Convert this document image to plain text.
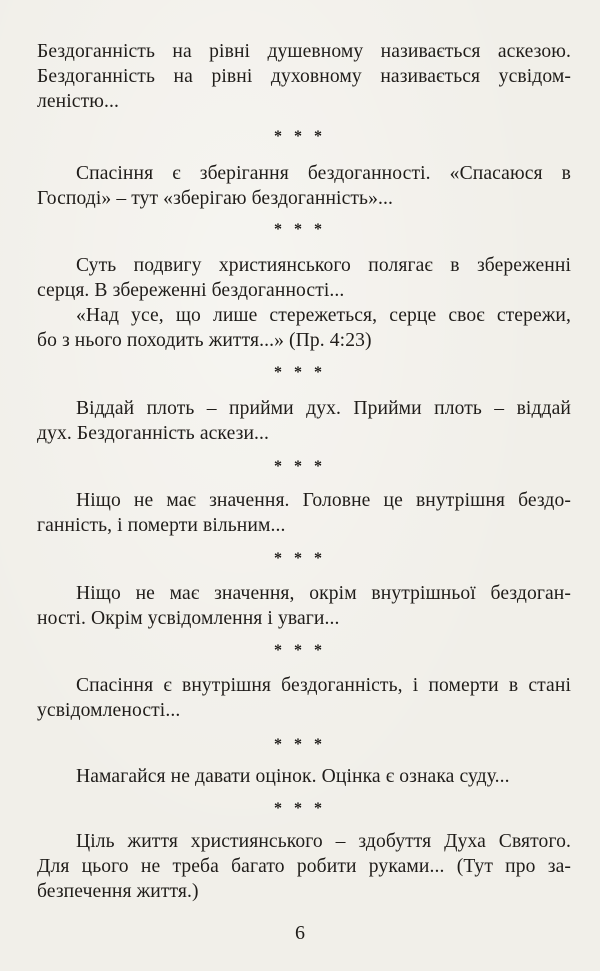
Бездоганність на рівні душевному називається аскезою.
Бездоганність на рівні духовному називається усвідом-
леністю...
* * *
Спасіння є зберігання бездоганності. «Спасаюся в
Господі» – тут «зберігаю бездоганність»...
* * *
Суть подвигу християнського полягає в збереженні
серця. В збереженні бездоганності...
«Над усе, що лише стережеться, серце своє стережи,
бо з нього походить життя...» (Пр. 4:23)
* * *
Віддай плоть – прийми дух. Прийми плоть – віддай
дух. Бездоганність аскези...
* * *
Ніщо не має значення. Головне це внутрішня бездо-
ганність, і померти вільним...
* * *
Ніщо не має значення, окрім внутрішньої бездоган-
ності. Окрім усвідомлення і уваги...
* * *
Спасіння є внутрішня бездоганність, і померти в стані
усвідомленості...
* * *
Намагайся не давати оцінок. Оцінка є ознака суду...
* * *
Ціль життя християнського – здобуття Духа Святого.
Для цього не треба багато робити руками... (Тут про за-
безпечення життя.)
6
